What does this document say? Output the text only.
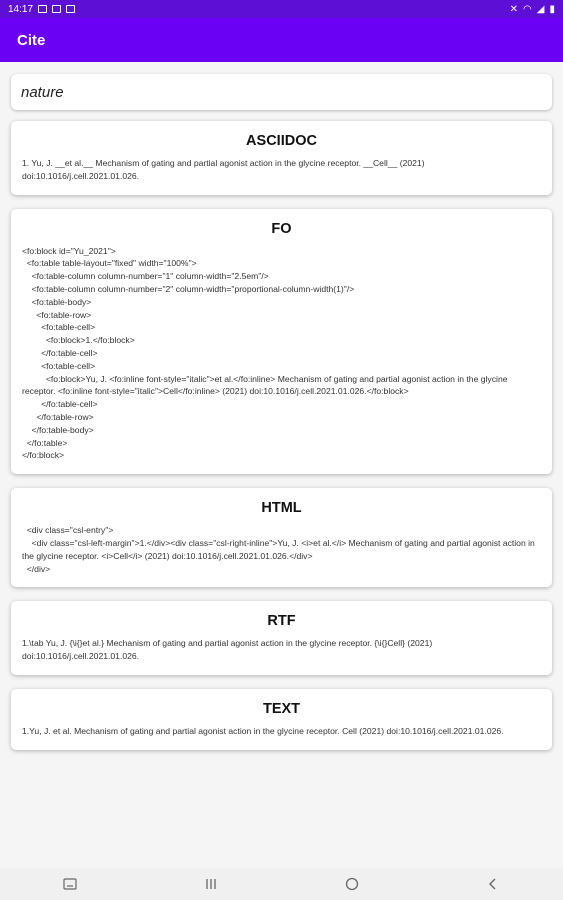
14:17	✕ ◠ ◢ ▮
Cite
nature
ASCIIDOC
1. Yu, J. __et al.__ Mechanism of gating and partial agonist action in the glycine receptor. __Cell__ (2021)
doi:10.1016/j.cell.2021.01.026.
FO
<fo:block id="Yu_2021">
<fo:table table-layout="fixed" width="100%">
<fo:table-column column-number="1" column-width="2.5em"/>
<fo:table-column column-number="2" column-width="proportional-column-width(1)"/>
<fo:table-body>
<fo:table-row>
<fo:table-cell>
<fo:block>1.</fo:block>
</fo:table-cell>
<fo:table-cell>
<fo:block>Yu, J. <fo:inline font-style="italic">et al.</fo:inline> Mechanism of gating and partial agonist action in the glycine receptor. <fo:inline font-style="italic">Cell</fo:inline> (2021) doi:10.1016/j.cell.2021.01.026.</fo:block>
</fo:table-cell>
</fo:table-row>
</fo:table-body>
</fo:table>
</fo:block>
HTML
<div class="csl-entry">
<div class="csl-left-margin">1.</div><div class="csl-right-inline">Yu, J. <i>et al.</i> Mechanism of gating and partial agonist action in the glycine receptor. <i>Cell</i> (2021) doi:10.1016/j.cell.2021.01.026.</div>
</div>
RTF
1.\tab Yu, J. {\i{}et al.} Mechanism of gating and partial agonist action in the glycine receptor. {\i{}Cell} (2021) doi:10.1016/j.cell.2021.01.026.
TEXT
1.Yu, J. et al. Mechanism of gating and partial agonist action in the glycine receptor. Cell (2021) doi:10.1016/j.cell.2021.01.026.
